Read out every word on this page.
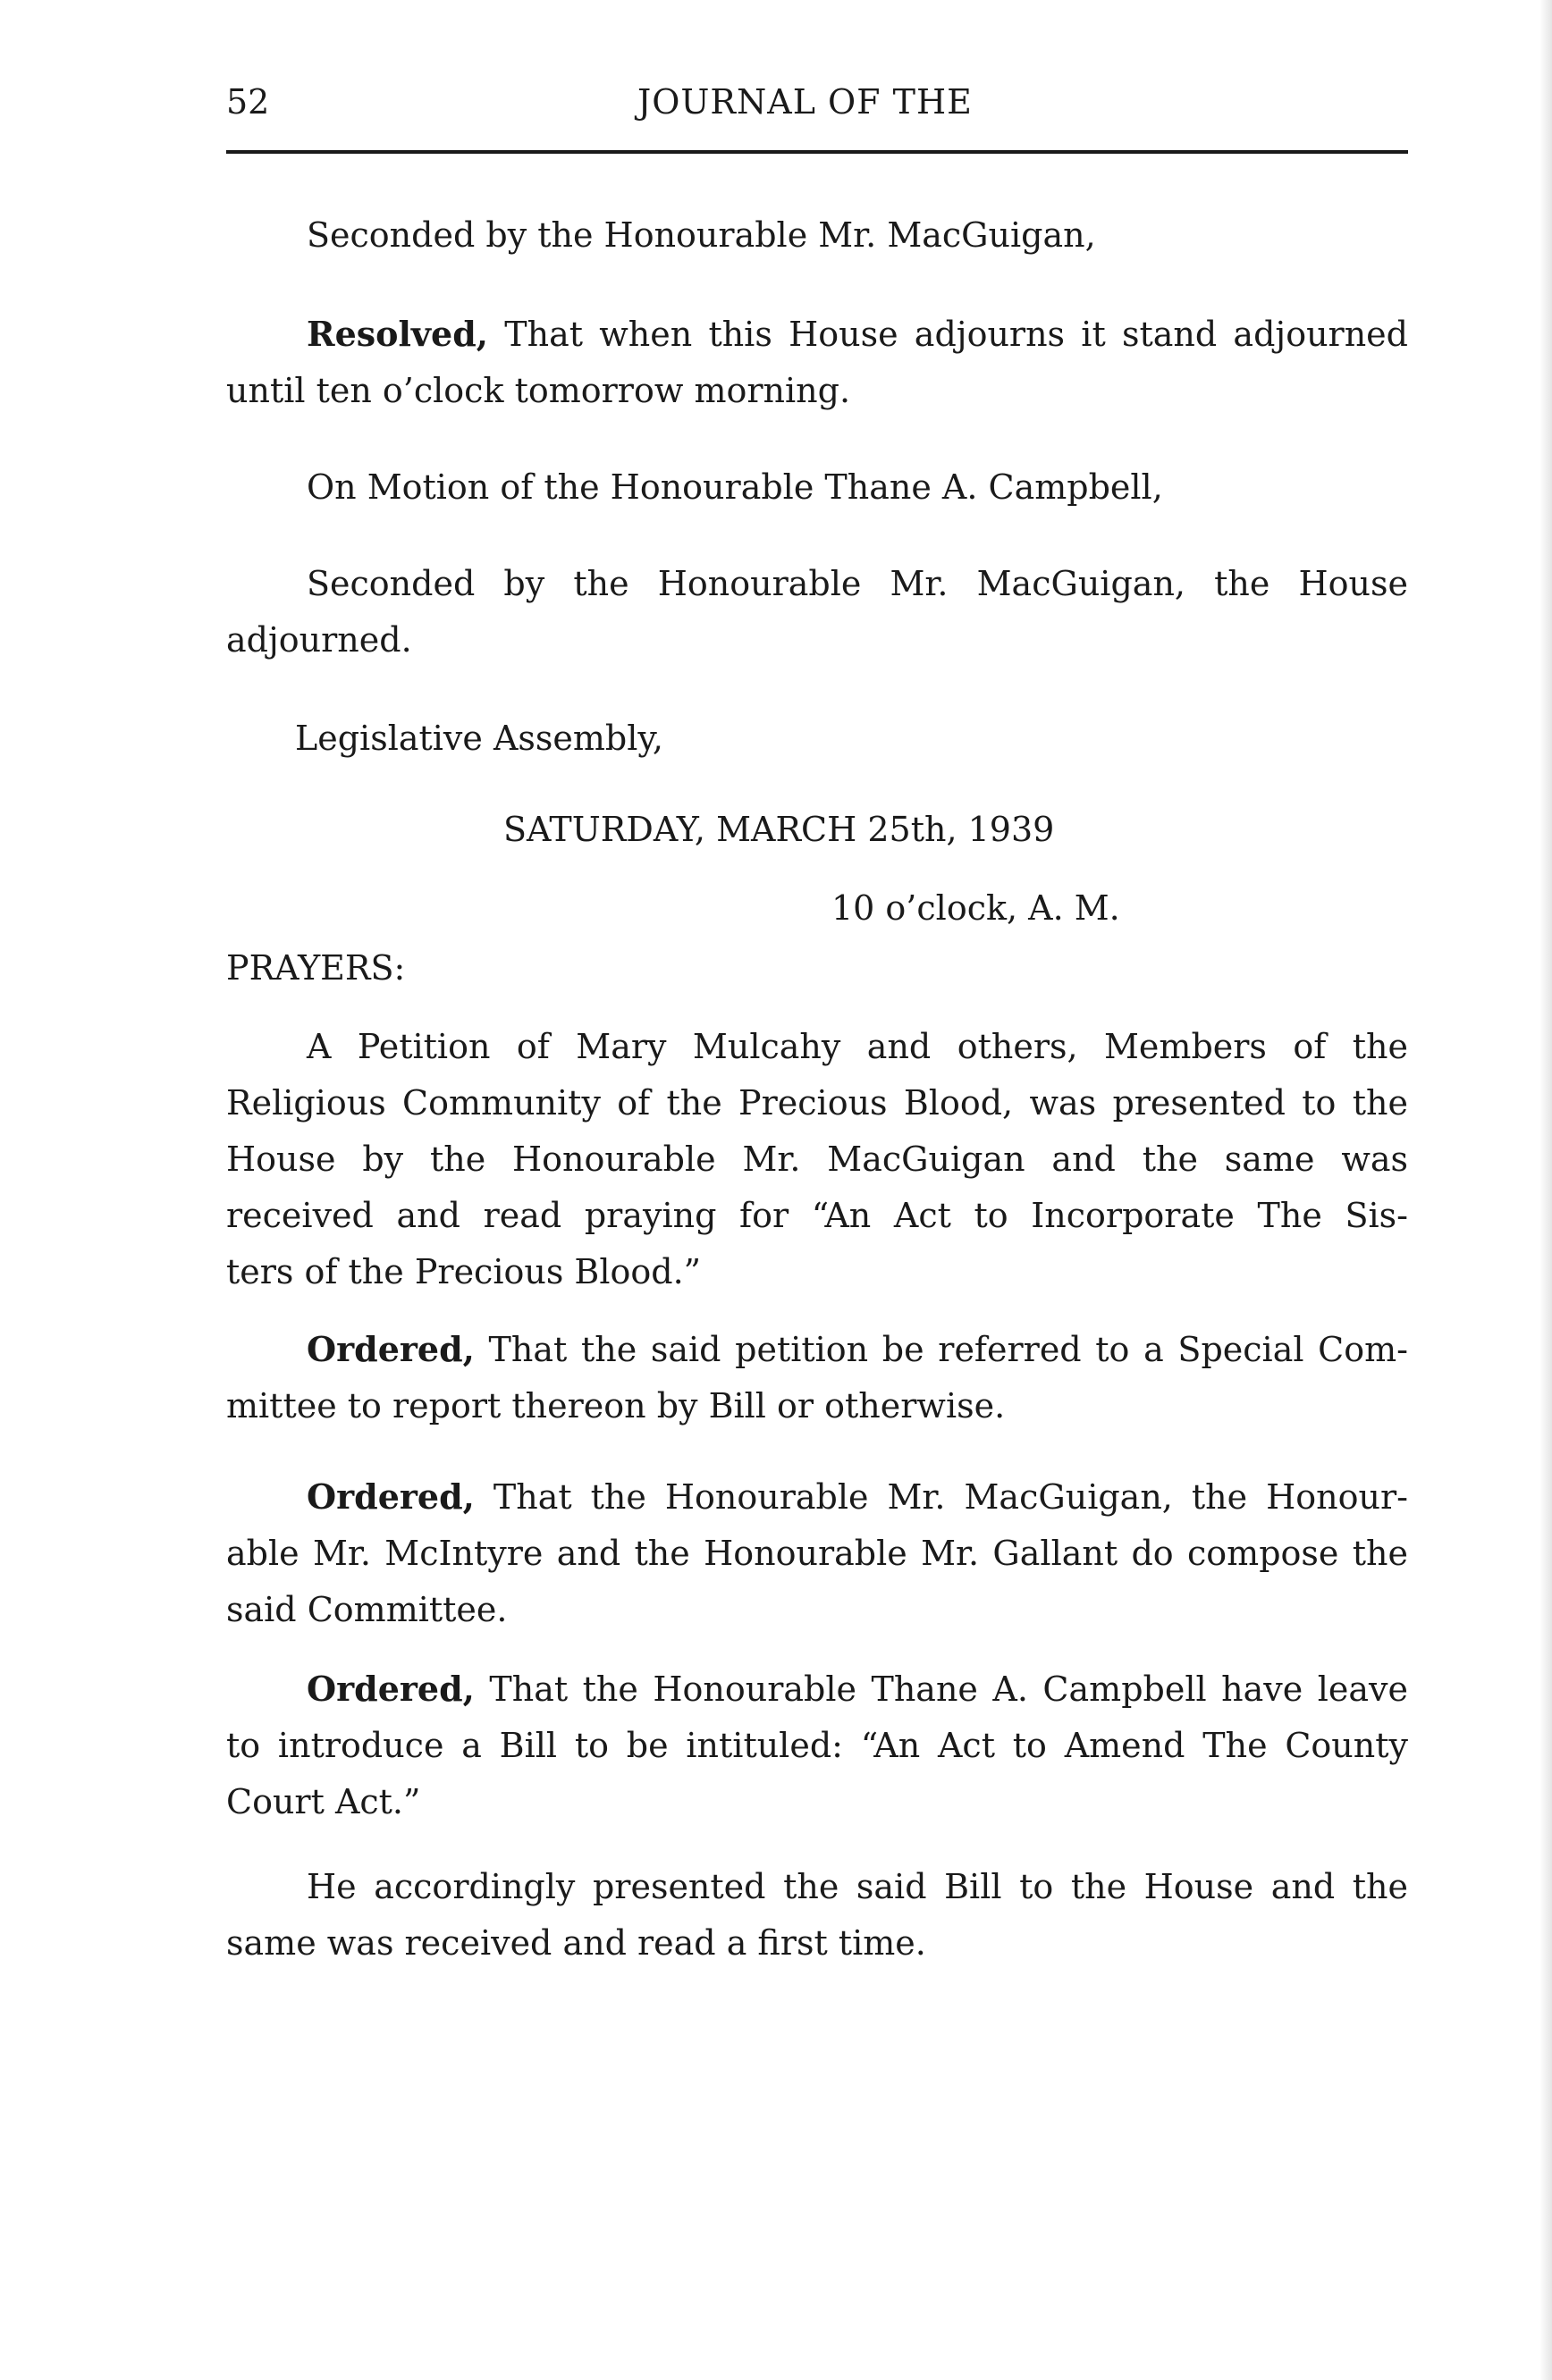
52	JOURNAL OF THE
Seconded by the Honourable Mr. MacGuigan,
Resolved, That when this House adjourns it stand adjourned
until ten o’clock tomorrow morning.
On Motion of the Honourable Thane A. Campbell,
Seconded by the Honourable Mr. MacGuigan, the House
adjourned.
Legislative Assembly,
SATURDAY, MARCH 25th, 1939
10 o’clock, A. M.
PRAYERS:
A Petition of Mary Mulcahy and others, Members of the
Religious Community of the Precious Blood, was presented to the
House by the Honourable Mr. MacGuigan and the same was
received and read praying for “An Act to Incorporate The Sis-
ters of the Precious Blood.”
Ordered, That the said petition be referred to a Special Com-
mittee to report thereon by Bill or otherwise.
Ordered, That the Honourable Mr. MacGuigan, the Honour-
able Mr. McIntyre and the Honourable Mr. Gallant do compose the
said Committee.
Ordered, That the Honourable Thane A. Campbell have leave
to introduce a Bill to be intituled: “An Act to Amend The County
Court Act.”
He accordingly presented the said Bill to the House and the
same was received and read a first time.
